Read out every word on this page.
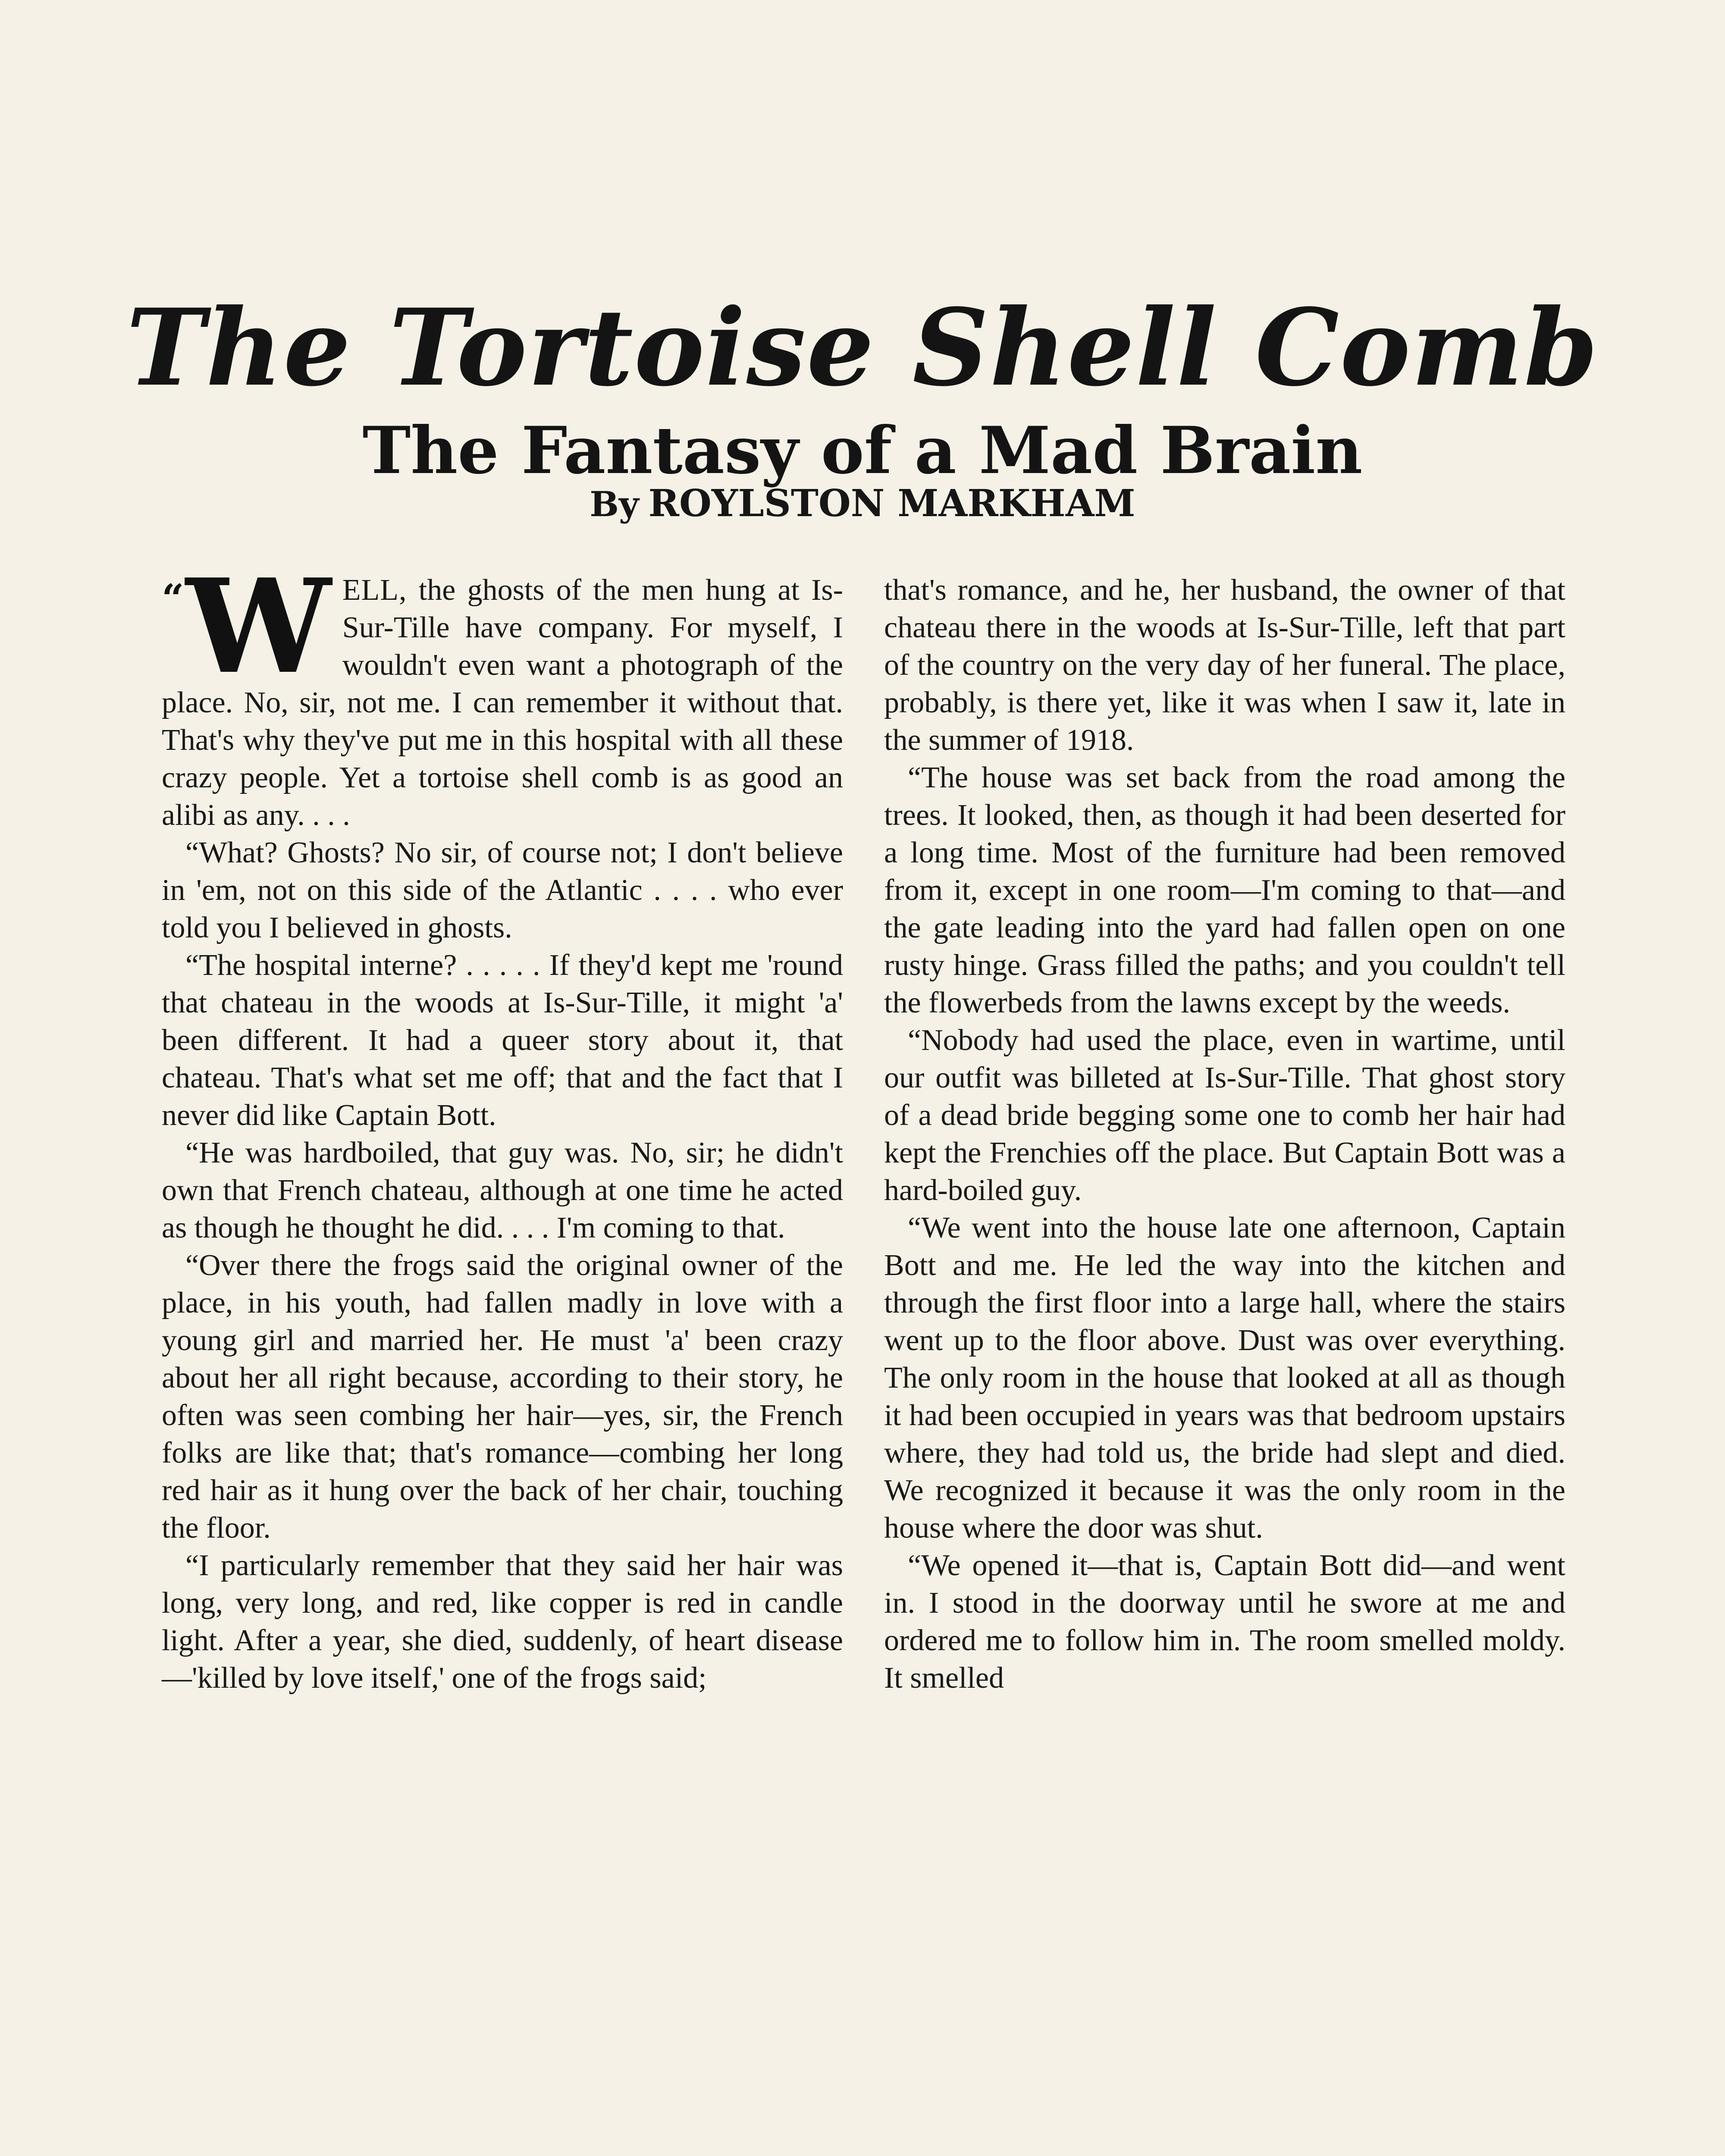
The Tortoise Shell Comb
The Fantasy of a Mad Brain
By ROYLSTON MARKHAM

“W ELL, the ghosts of the men hung at Is-Sur-Tille have company. For myself, I wouldn't even want a photograph of the place. No, sir, not me. I can remember it without that. That's why they've put me in this hospital with all these crazy people. Yet a tortoise shell comb is as good an alibi as any. . . .

“What? Ghosts? No sir, of course not; I don't believe in 'em, not on this side of the Atlantic . . . . who ever told you I believed in ghosts.

“The hospital interne? . . . . . If they'd kept me 'round that chateau in the woods at Is-Sur-Tille, it might 'a' been different. It had a queer story about it, that chateau. That's what set me off; that and the fact that I never did like Captain Bott.

“He was hardboiled, that guy was. No, sir; he didn't own that French chateau, although at one time he acted as though he thought he did. . . . I'm coming to that.

“Over there the frogs said the original owner of the place, in his youth, had fallen madly in love with a young girl and married her. He must 'a' been crazy about her all right because, according to their story, he often was seen combing her hair—yes, sir, the French folks are like that; that's romance—combing her long red hair as it hung over the back of her chair, touching the floor.

“I particularly remember that they said her hair was long, very long, and red, like copper is red in candle light. After a year, she died, suddenly, of heart disease—'killed by love itself,' one of the frogs said;

that's romance, and he, her husband, the owner of that chateau there in the woods at Is-Sur-Tille, left that part of the country on the very day of her funeral. The place, probably, is there yet, like it was when I saw it, late in the summer of 1918.

“The house was set back from the road among the trees. It looked, then, as though it had been deserted for a long time. Most of the furniture had been removed from it, except in one room—I'm coming to that—and the gate leading into the yard had fallen open on one rusty hinge. Grass filled the paths; and you couldn't tell the flowerbeds from the lawns except by the weeds.

“Nobody had used the place, even in wartime, until our outfit was billeted at Is-Sur-Tille. That ghost story of a dead bride begging some one to comb her hair had kept the Frenchies off the place. But Captain Bott was a hard-boiled guy.

“We went into the house late one afternoon, Captain Bott and me. He led the way into the kitchen and through the first floor into a large hall, where the stairs went up to the floor above. Dust was over everything. The only room in the house that looked at all as though it had been occupied in years was that bedroom upstairs where, they had told us, the bride had slept and died. We recognized it because it was the only room in the house where the door was shut.

“We opened it—that is, Captain Bott did—and went in. I stood in the doorway until he swore at me and ordered me to follow him in. The room smelled moldy. It smelled
